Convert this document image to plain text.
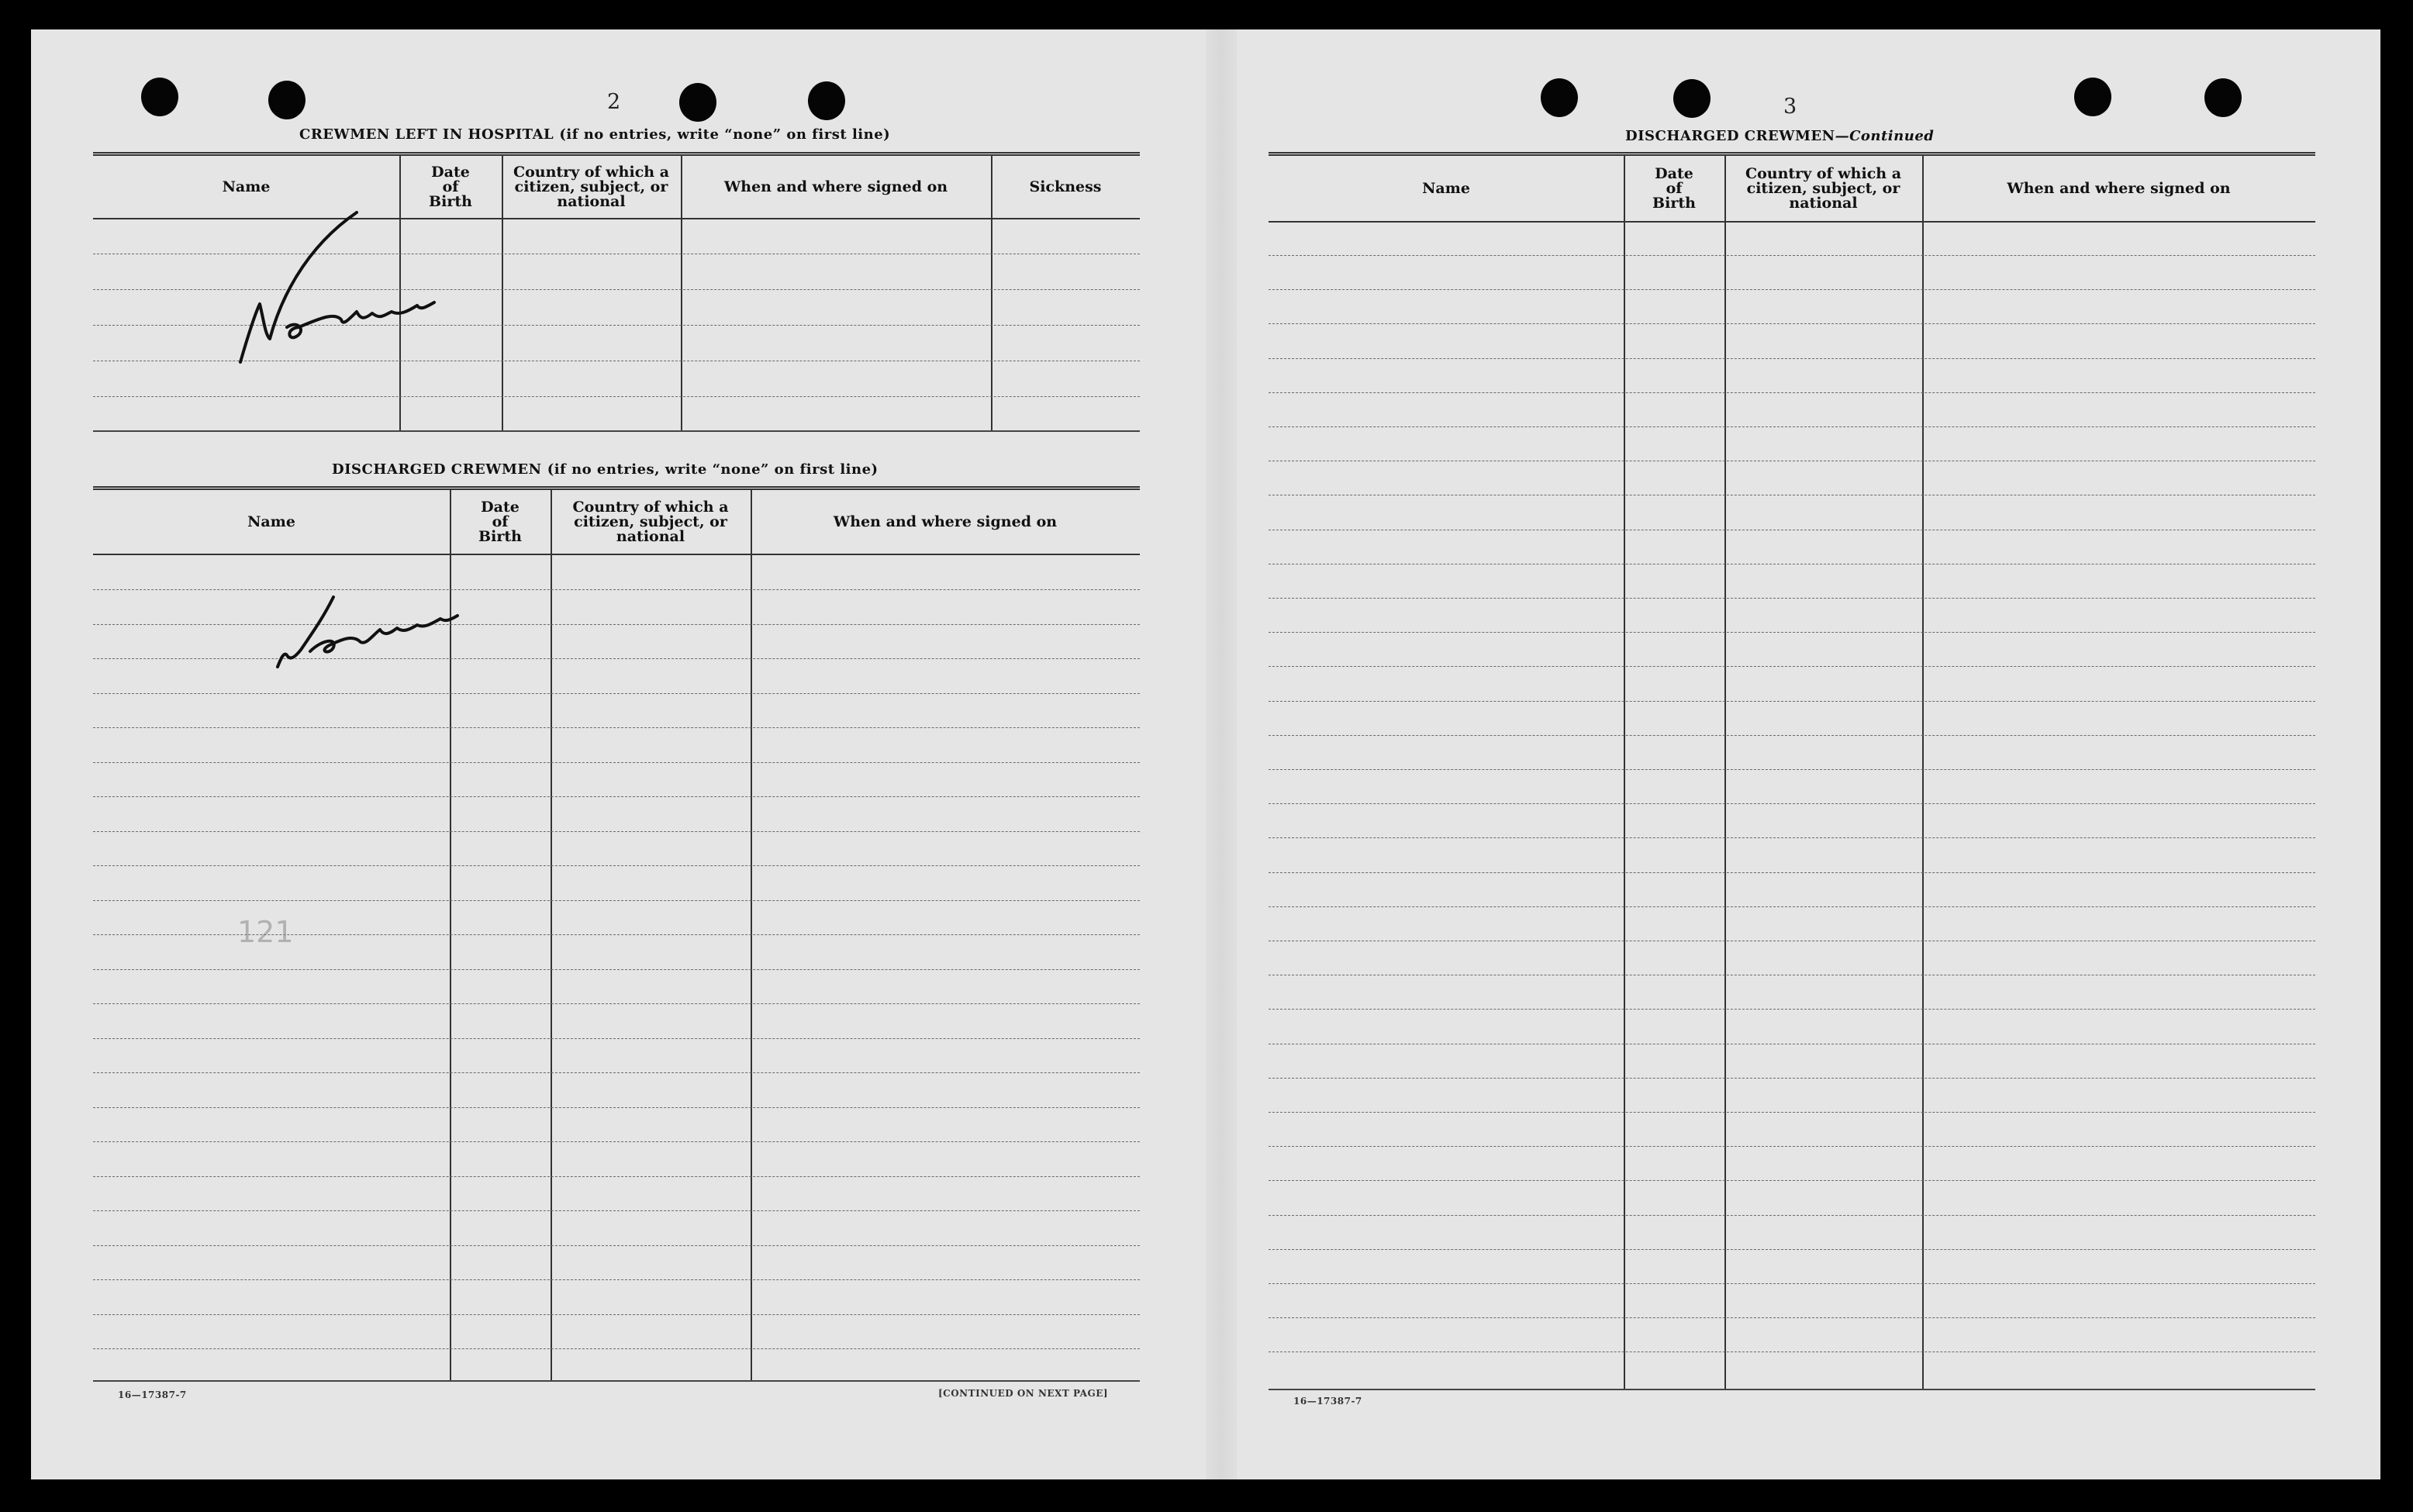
2
CREWMEN LEFT IN HOSPITAL (if no entries, write “none” on first line)
Name
Date
of
Birth
Country of which a
citizen, subject, or
national
When and where signed on	Sickness
DISCHARGED CREWMEN (if no entries, write “none” on first line)
Name
Date
of
Birth
Country of which a
citizen, subject, or
national
When and where signed on
121
16—17387-7	[CONTINUED ON NEXT PAGE]
3
DISCHARGED CREWMEN—Continued
Name
Date
of
Birth
Country of which a
citizen, subject, or
national
When and where signed on
16—17387-7
